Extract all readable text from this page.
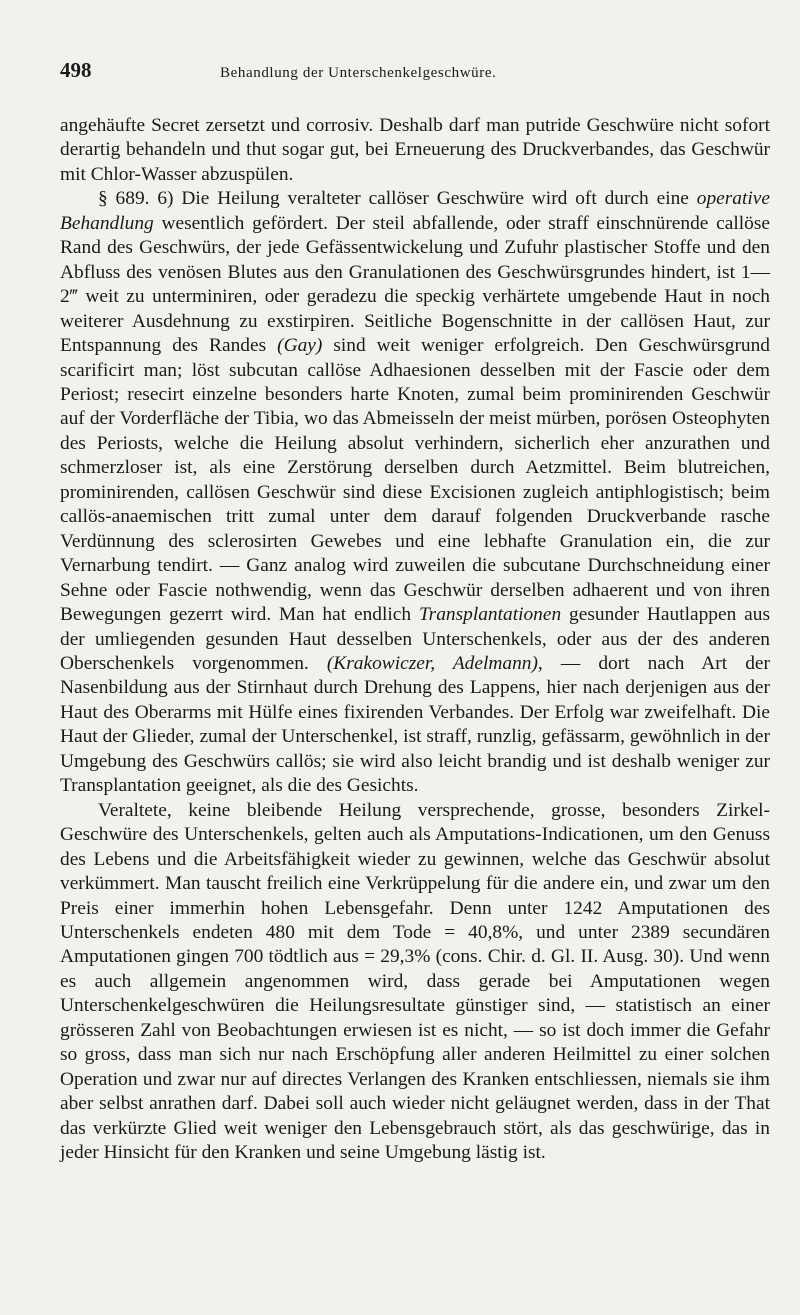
498	Behandlung der Unterschenkelgeschwüre.

angehäufte Secret zersetzt und corrosiv. Deshalb darf man putride Geschwüre nicht sofort derartig behandeln und thut sogar gut, bei Erneuerung des Druckverbandes, das Geschwür mit Chlor-Wasser abzuspülen.

§ 689. 6) Die Heilung veralteter callöser Geschwüre wird oft durch eine operative Behandlung wesentlich gefördert. Der steil abfallende, oder straff einschnürende callöse Rand des Geschwürs, der jede Gefässentwickelung und Zufuhr plastischer Stoffe und den Abfluss des venösen Blutes aus den Granulationen des Geschwürsgrundes hindert, ist 1—2‴ weit zu unterminiren, oder geradezu die speckig verhärtete umgebende Haut in noch weiterer Ausdehnung zu exstirpiren. Seitliche Bogenschnitte in der callösen Haut, zur Entspannung des Randes (Gay) sind weit weniger erfolgreich. Den Geschwürsgrund scarificirt man; löst subcutan callöse Adhaesionen desselben mit der Fascie oder dem Periost; resecirt einzelne besonders harte Knoten, zumal beim prominirenden Geschwür auf der Vorderfläche der Tibia, wo das Abmeisseln der meist mürben, porösen Osteophyten des Periosts, welche die Heilung absolut verhindern, sicherlich eher anzurathen und schmerzloser ist, als eine Zerstörung derselben durch Aetzmittel. Beim blutreichen, prominirenden, callösen Geschwür sind diese Excisionen zugleich antiphlogistisch; beim callös-anaemischen tritt zumal unter dem darauf folgenden Druckverbande rasche Verdünnung des sclerosirten Gewebes und eine lebhafte Granulation ein, die zur Vernarbung tendirt. — Ganz analog wird zuweilen die subcutane Durchschneidung einer Sehne oder Fascie nothwendig, wenn das Geschwür derselben adhaerent und von ihren Bewegungen gezerrt wird. Man hat endlich Transplantationen gesunder Hautlappen aus der umliegenden gesunden Haut desselben Unterschenkels, oder aus der des anderen Oberschenkels vorgenommen. (Krakowiczer, Adelmann), — dort nach Art der Nasenbildung aus der Stirnhaut durch Drehung des Lappens, hier nach derjenigen aus der Haut des Oberarms mit Hülfe eines fixirenden Verbandes. Der Erfolg war zweifelhaft. Die Haut der Glieder, zumal der Unterschenkel, ist straff, runzlig, gefässarm, gewöhnlich in der Umgebung des Geschwürs callös; sie wird also leicht brandig und ist deshalb weniger zur Transplantation geeignet, als die des Gesichts.

Veraltete, keine bleibende Heilung versprechende, grosse, besonders Zirkel-Geschwüre des Unterschenkels, gelten auch als Amputations-Indicationen, um den Genuss des Lebens und die Arbeitsfähigkeit wieder zu gewinnen, welche das Geschwür absolut verkümmert. Man tauscht freilich eine Verkrüppelung für die andere ein, und zwar um den Preis einer immerhin hohen Lebensgefahr. Denn unter 1242 Amputationen des Unterschenkels endeten 480 mit dem Tode = 40,8%, und unter 2389 secundären Amputationen gingen 700 tödtlich aus = 29,3% (cons. Chir. d. Gl. II. Ausg. 30). Und wenn es auch allgemein angenommen wird, dass gerade bei Amputationen wegen Unterschenkelgeschwüren die Heilungsresultate günstiger sind, — statistisch an einer grösseren Zahl von Beobachtungen erwiesen ist es nicht, — so ist doch immer die Gefahr so gross, dass man sich nur nach Erschöpfung aller anderen Heilmittel zu einer solchen Operation und zwar nur auf directes Verlangen des Kranken entschliessen, niemals sie ihm aber selbst anrathen darf. Dabei soll auch wieder nicht geläugnet werden, dass in der That das verkürzte Glied weit weniger den Lebensgebrauch stört, als das geschwürige, das in jeder Hinsicht für den Kranken und seine Umgebung lästig ist.
